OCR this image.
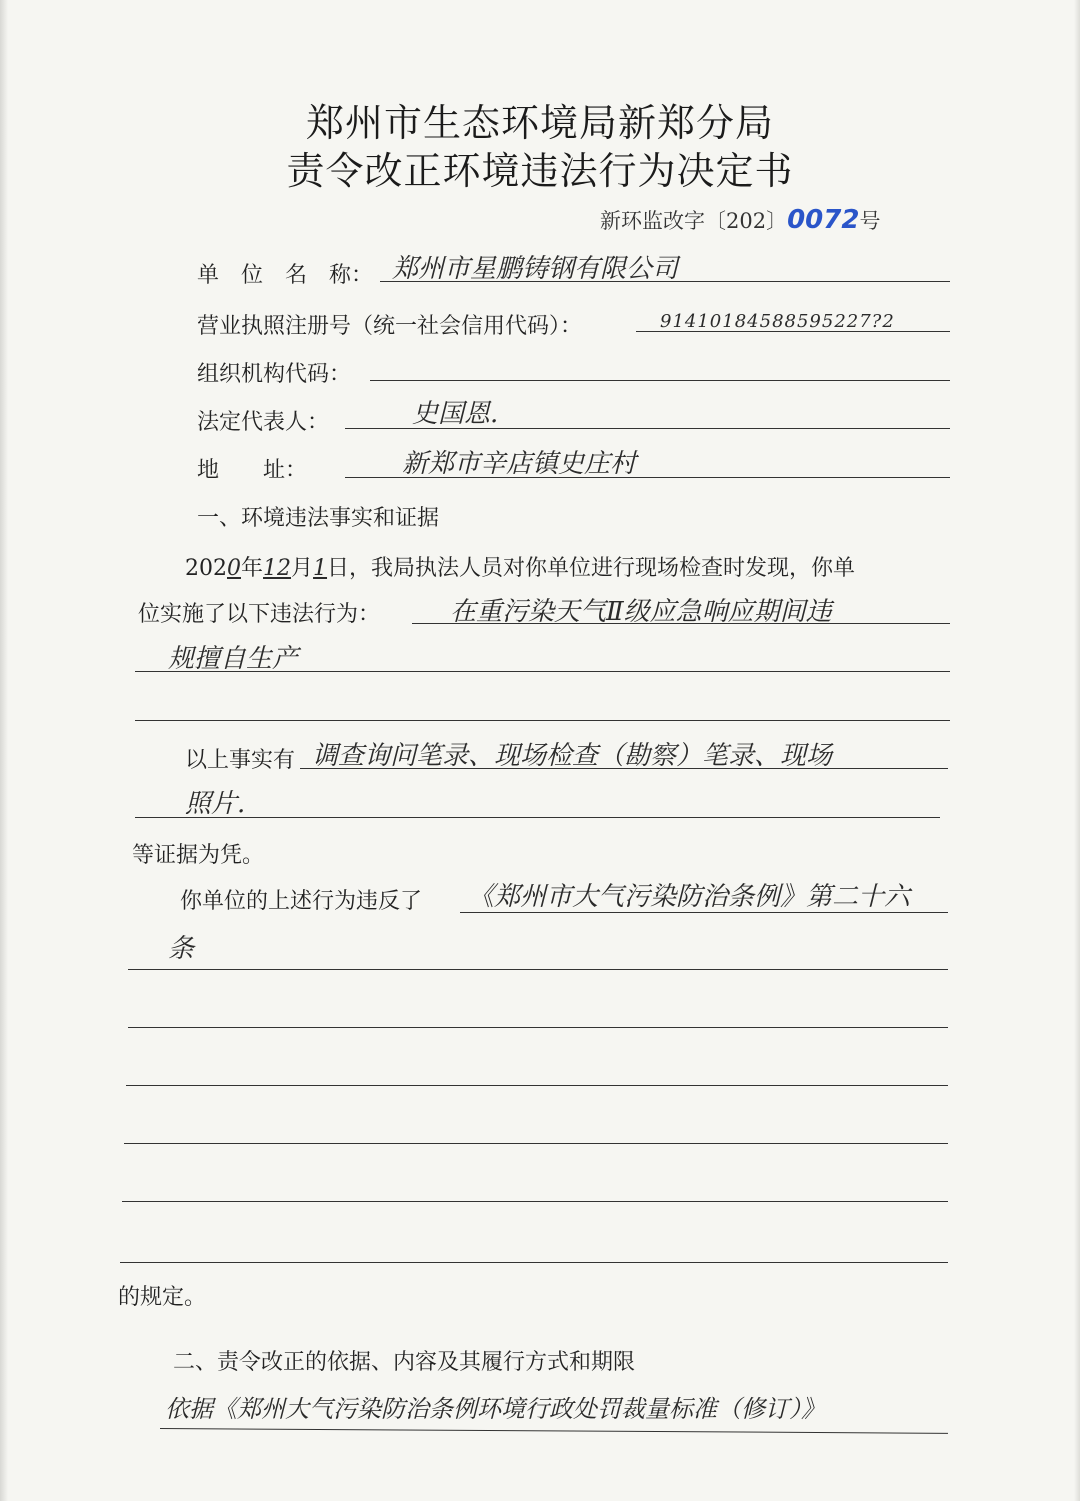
郑州市生态环境局新郑分局
责令改正环境违法行为决定书
新环监改字〔202〕0072号
单　位　名　称： 郑州市星鹏铸钢有限公司
营业执照注册号（统一社会信用代码）：	91410184588595227?2
组织机构代码：
法定代表人：	史国恩.
地　　址：	新郑市辛店镇史庄村
一、环境违法事实和证据
2020年12月1日，我局执法人员对你单位进行现场检查时发现，你单
位实施了以下违法行为：	在重污染天气Ⅱ级应急响应期间违
规擅自生产
以上事实有 调查询问笔录、现场检查（勘察）笔录、现场
照片.
等证据为凭。
你单位的上述行为违反了 《郑州市大气污染防治条例》第二十六
条
的规定。
二、责令改正的依据、内容及其履行方式和期限
依据《郑州大气污染防治条例环境行政处罚裁量标准（修订）》
